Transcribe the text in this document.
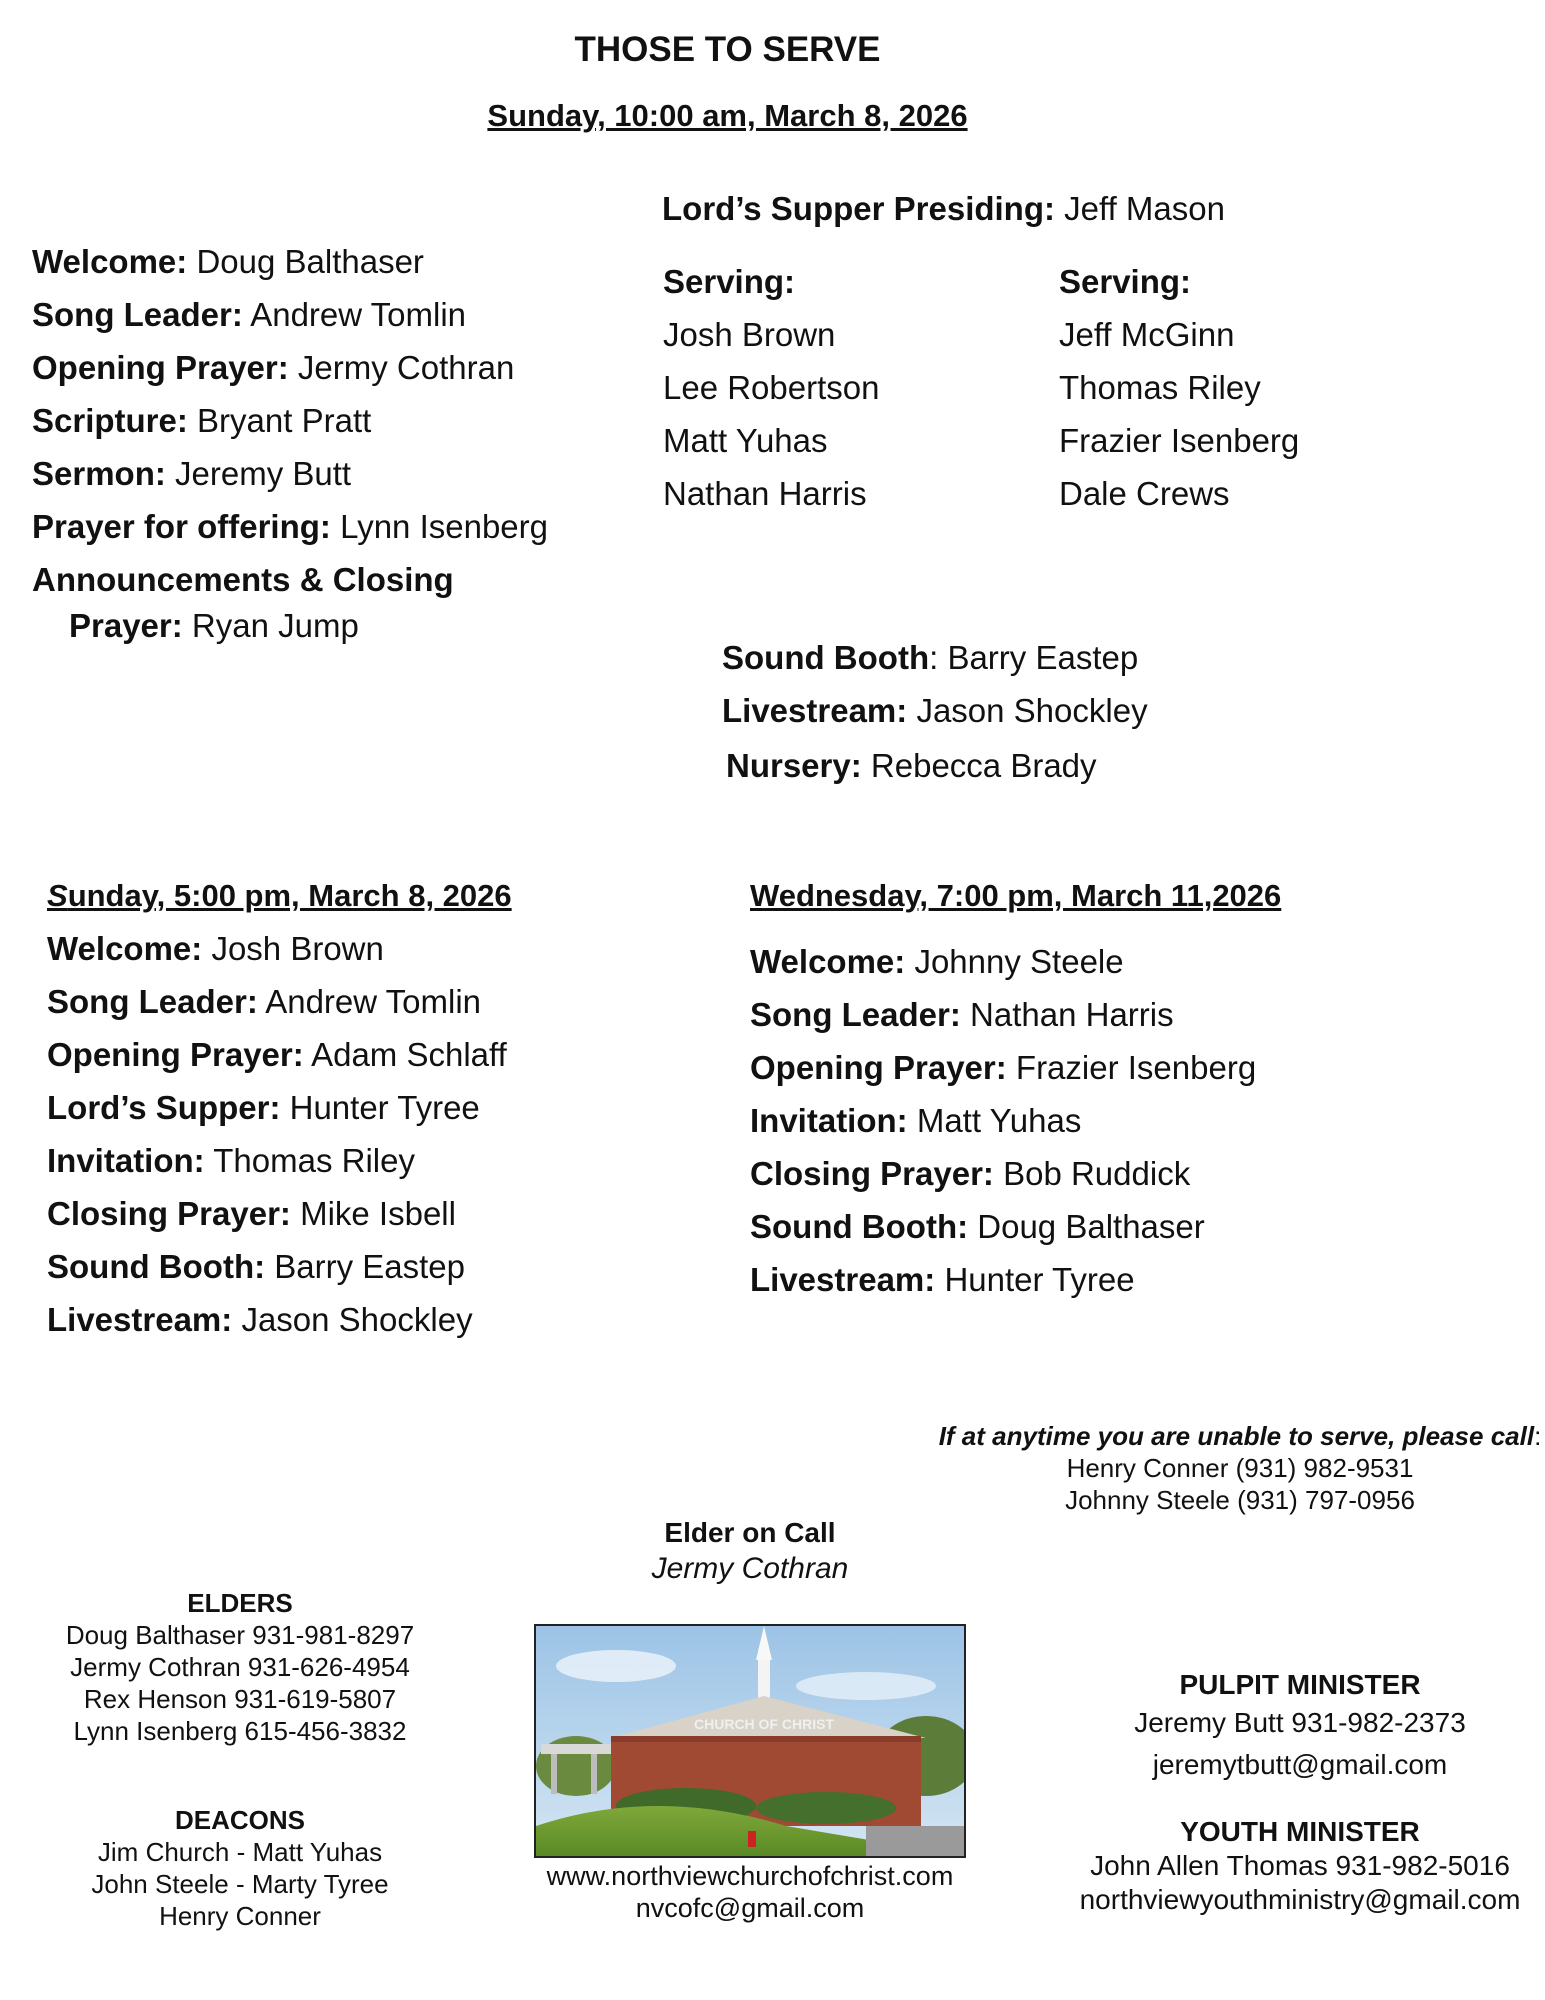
THOSE TO SERVE
Sunday, 10:00 am, March 8, 2026
Welcome: Doug Balthaser
Song Leader: Andrew Tomlin
Opening Prayer: Jermy Cothran
Scripture: Bryant Pratt
Sermon: Jeremy Butt
Prayer for offering: Lynn Isenberg
Announcements & Closing
Prayer: Ryan Jump
Lord’s Supper Presiding: Jeff Mason
Serving:
Josh Brown
Lee Robertson
Matt Yuhas
Nathan Harris
Serving:
Jeff McGinn
Thomas Riley
Frazier Isenberg
Dale Crews
Sound Booth: Barry Eastep
Livestream: Jason Shockley
Nursery: Rebecca Brady
Sunday, 5:00 pm, March 8, 2026
Welcome: Josh Brown
Song Leader: Andrew Tomlin
Opening Prayer: Adam Schlaff
Lord’s Supper: Hunter Tyree
Invitation: Thomas Riley
Closing Prayer: Mike Isbell
Sound Booth: Barry Eastep
Livestream: Jason Shockley
Wednesday, 7:00 pm, March 11,2026
Welcome: Johnny Steele
Song Leader: Nathan Harris
Opening Prayer: Frazier Isenberg
Invitation: Matt Yuhas
Closing Prayer: Bob Ruddick
Sound Booth: Doug Balthaser
Livestream: Hunter Tyree
If at anytime you are unable to serve, please call:
Henry Conner (931) 982-9531
Johnny Steele (931) 797-0956
Elder on Call
Jermy Cothran
ELDERS
Doug Balthaser 931-981-8297
Jermy Cothran 931-626-4954
Rex Henson 931-619-5807
Lynn Isenberg 615-456-3832
DEACONS
Jim Church - Matt Yuhas
John Steele - Marty Tyree
Henry Conner
CHURCH OF CHRIST
www.northviewchurchofchrist.com
nvcofc@gmail.com
PULPIT MINISTER
Jeremy Butt 931-982-2373
jeremytbutt@gmail.com
YOUTH MINISTER
John Allen Thomas 931-982-5016
northviewyouthministry@gmail.com
